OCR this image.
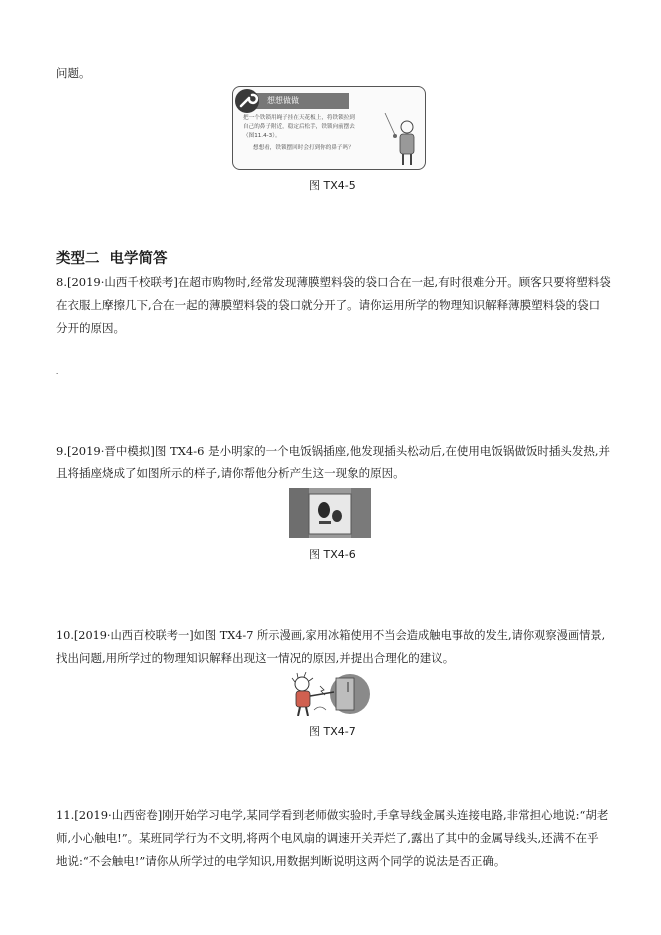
问题。
想想做做
把一个铁锁用绳子挂在天花板上，将铁锁拉到
自己的鼻子附近，稳定后松手，铁锁向前摆去
（图11.4-3）。
想想看，铁锁摆回时会打到你的鼻子吗？
图 TX4-5
类型二 电学简答
8.[2019·山西千校联考]在超市购物时,经常发现薄膜塑料袋的袋口合在一起,有时很难分开。顾客只要将塑料袋
在衣服上摩擦几下,合在一起的薄膜塑料袋的袋口就分开了。请你运用所学的物理知识解释薄膜塑料袋的袋口
分开的原因。
·
9.[2019·晋中模拟]图 TX4-6 是小明家的一个电饭锅插座,他发现插头松动后,在使用电饭锅做饭时插头发热,并
且将插座烧成了如图所示的样子,请你帮他分析产生这一现象的原因。
图 TX4-6
10.[2019·山西百校联考一]如图 TX4-7 所示漫画,家用冰箱使用不当会造成触电事故的发生,请你观察漫画情景,
找出问题,用所学过的物理知识解释出现这一情况的原因,并提出合理化的建议。
图 TX4-7
11.[2019·山西密卷]刚开始学习电学,某同学看到老师做实验时,手拿导线金属头连接电路,非常担心地说:“胡老
师,小心触电!”。某班同学行为不文明,将两个电风扇的调速开关弄烂了,露出了其中的金属导线头,还满不在乎
地说:“不会触电!”请你从所学过的电学知识,用数据判断说明这两个同学的说法是否正确。
